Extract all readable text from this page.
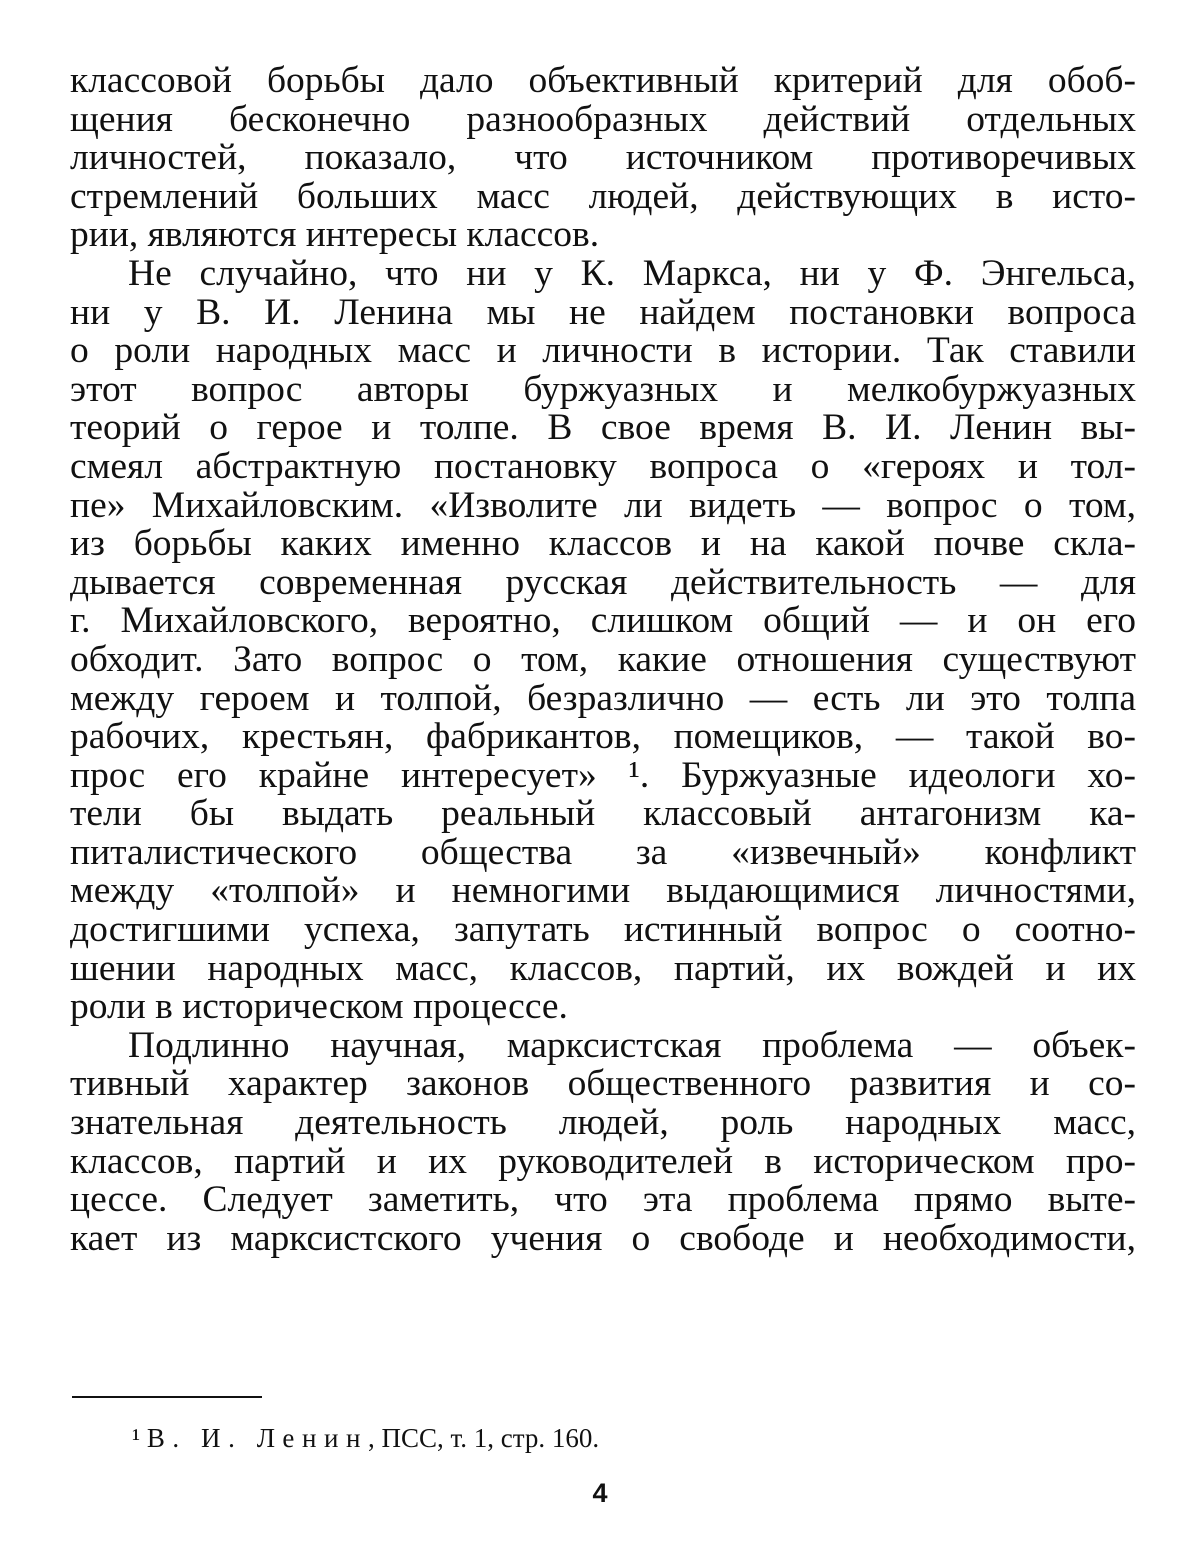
классовой борьбы дало объективный критерий для обоб-
щения бесконечно разнообразных действий отдельных
личностей, показало, что источником противоречивых
стремлений больших масс людей, действующих в исто-
рии, являются интересы классов.
Не случайно, что ни у К. Маркса, ни у Ф. Энгельса,
ни у В. И. Ленина мы не найдем постановки вопроса
о роли народных масс и личности в истории. Так ставили
этот вопрос авторы буржуазных и мелкобуржуазных
теорий о герое и толпе. В свое время В. И. Ленин вы-
смеял абстрактную постановку вопроса о «героях и тол-
пе» Михайловским. «Изволите ли видеть — вопрос о том,
из борьбы каких именно классов и на какой почве скла-
дывается современная русская действительность — для
г. Михайловского, вероятно, слишком общий — и он его
обходит. Зато вопрос о том, какие отношения существуют
между героем и толпой, безразлично — есть ли это толпа
рабочих, крестьян, фабрикантов, помещиков, — такой во-
прос его крайне интересует» ¹. Буржуазные идеологи хо-
тели бы выдать реальный классовый антагонизм ка-
питалистического общества за «извечный» конфликт
между «толпой» и немногими выдающимися личностями,
достигшими успеха, запутать истинный вопрос о соотно-
шении народных масс, классов, партий, их вождей и их
роли в историческом процессе.
Подлинно научная, марксистская проблема — объек-
тивный характер законов общественного развития и со-
знательная деятельность людей, роль народных масс,
классов, партий и их руководителей в историческом про-
цессе. Следует заметить, что эта проблема прямо выте-
кает из марксистского учения о свободе и необходимости,
¹ В. И. Ленин, ПСС, т. 1, стр. 160.
4
